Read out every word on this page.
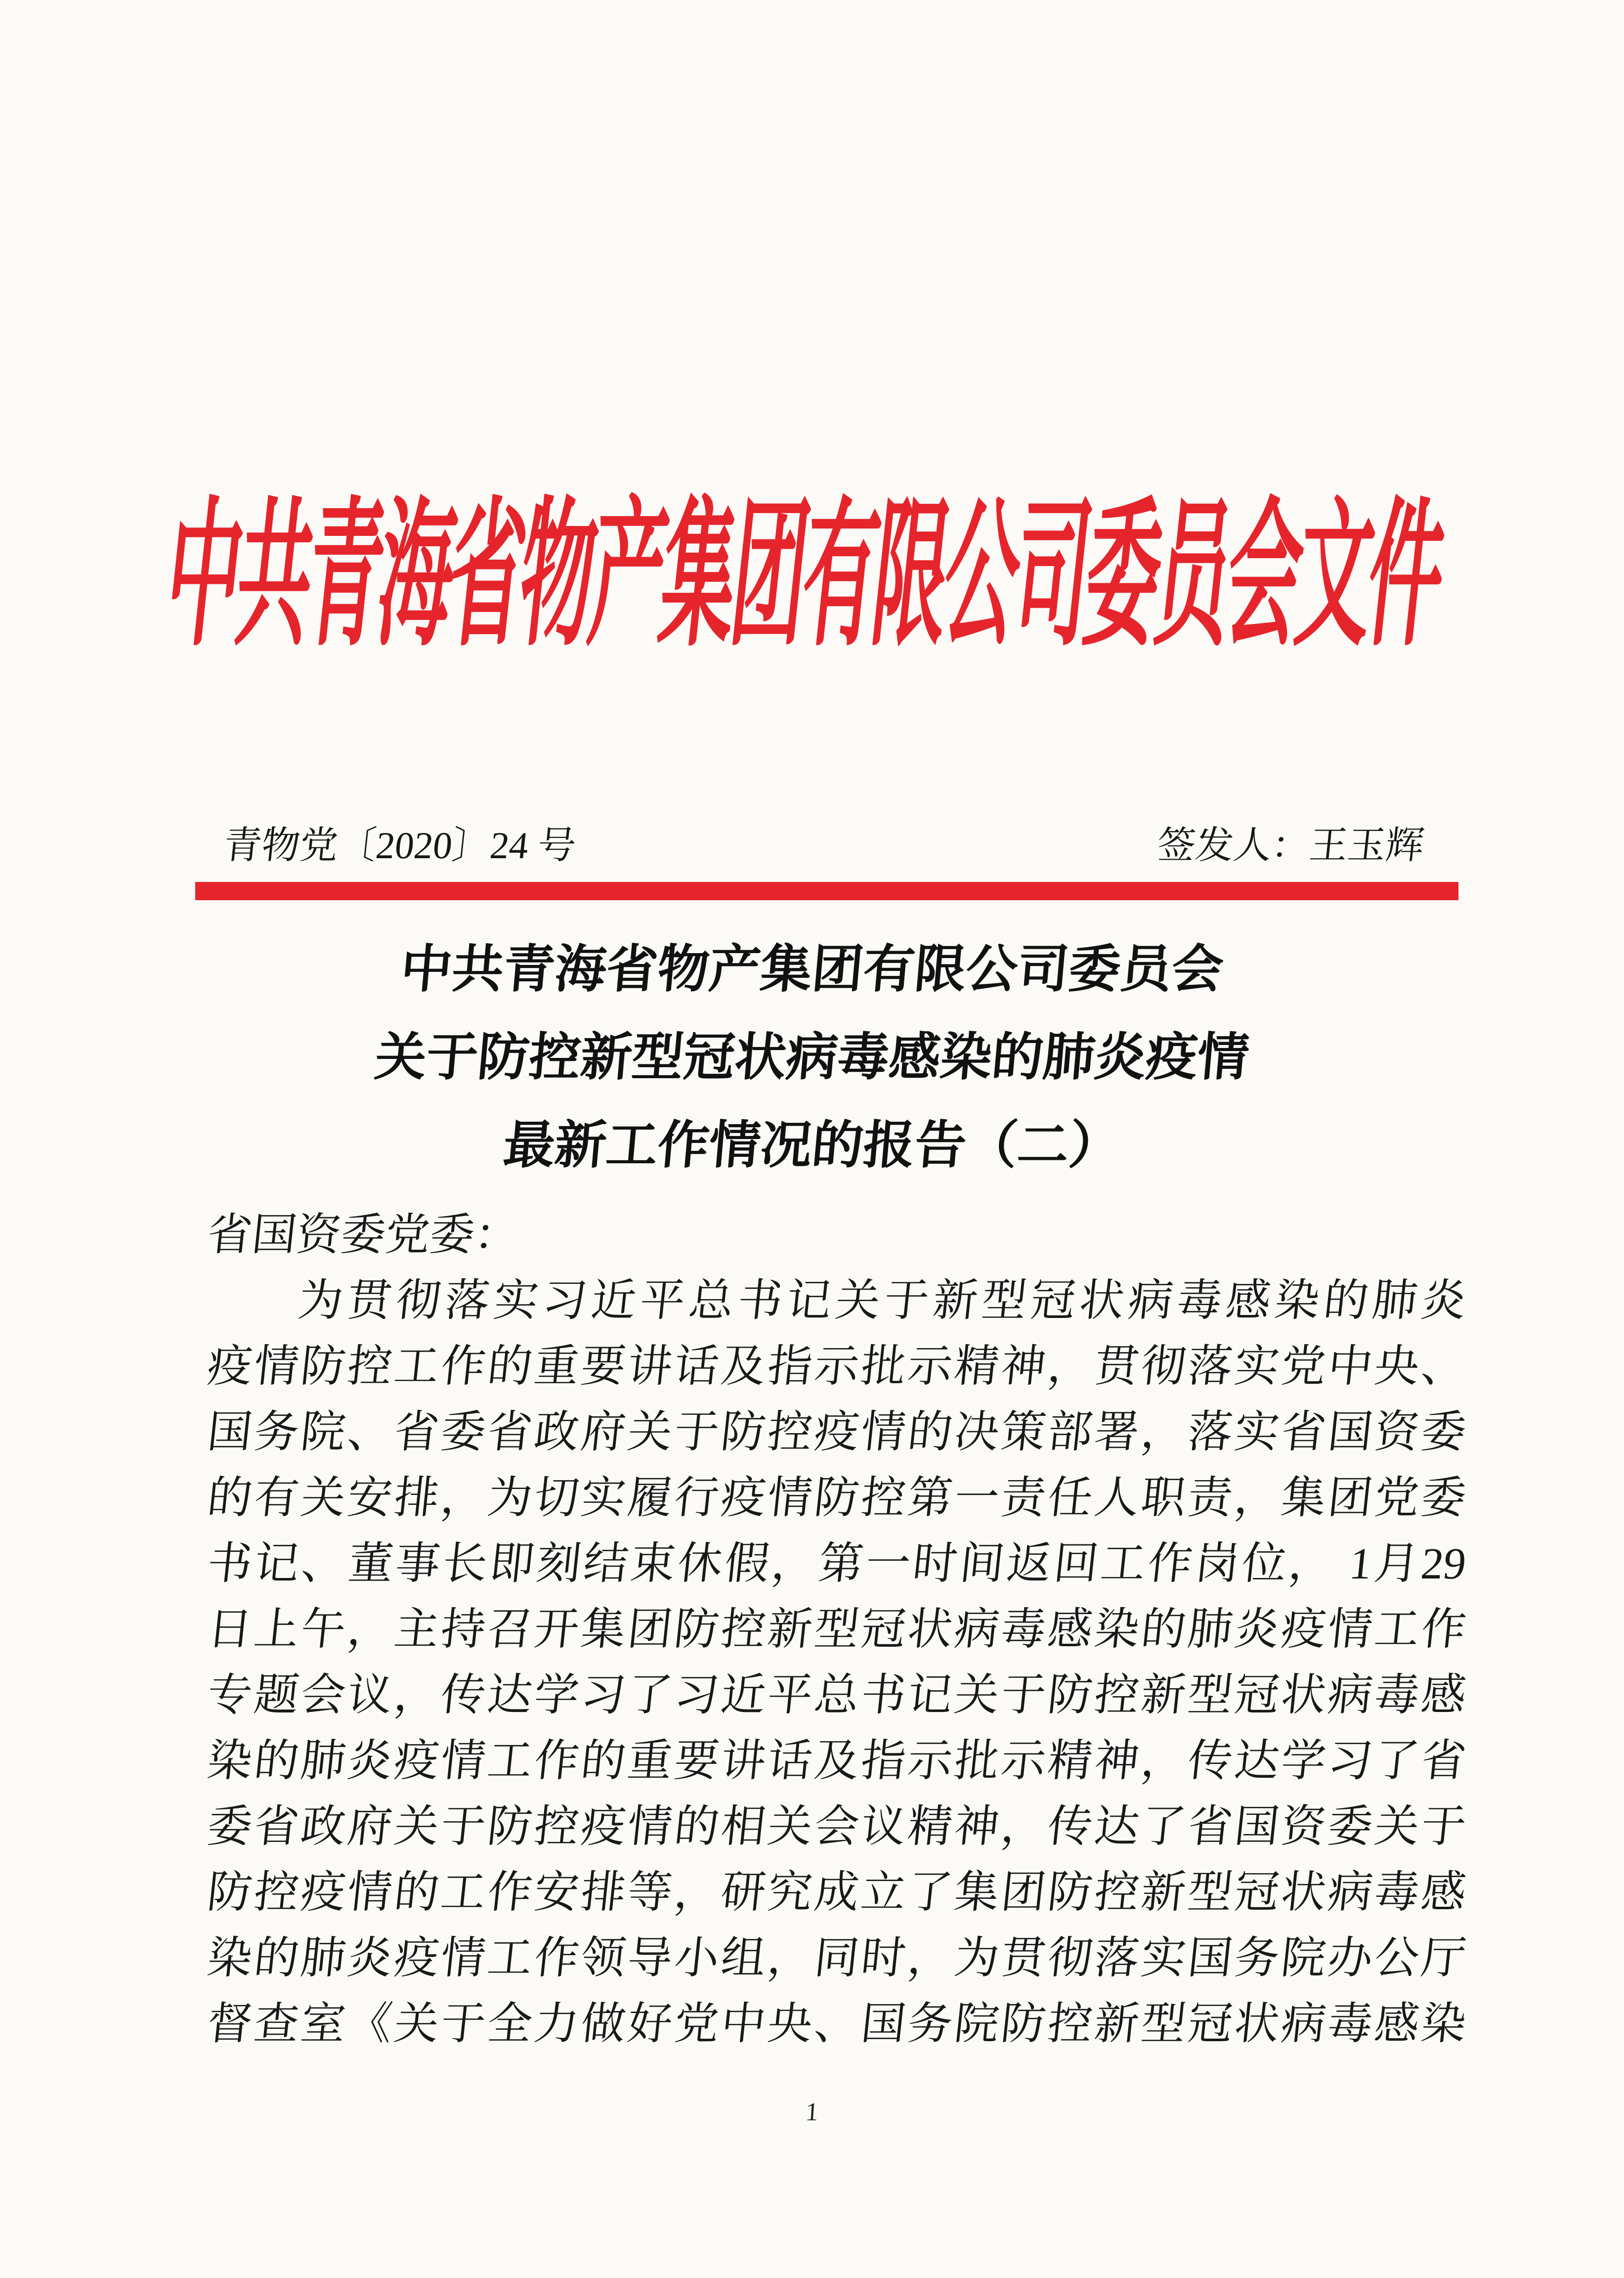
中共青海省物产集团有限公司委员会文件
青物党〔2020〕24 号	签发人：王玉辉
中共青海省物产集团有限公司委员会
关于防控新型冠状病毒感染的肺炎疫情
最新工作情况的报告（二）
省国资委党委：
为贯彻落实习近平总书记关于新型冠状病毒感染的肺炎
疫情防控工作的重要讲话及指示批示精神，贯彻落实党中央、
国务院、省委省政府关于防控疫情的决策部署，落实省国资委
的有关安排，为切实履行疫情防控第一责任人职责，集团党委
书记、董事长即刻结束休假，第一时间返回工作岗位， 1月29
日上午，主持召开集团防控新型冠状病毒感染的肺炎疫情工作
专题会议，传达学习了习近平总书记关于防控新型冠状病毒感
染的肺炎疫情工作的重要讲话及指示批示精神，传达学习了省
委省政府关于防控疫情的相关会议精神，传达了省国资委关于
防控疫情的工作安排等，研究成立了集团防控新型冠状病毒感
染的肺炎疫情工作领导小组，同时，为贯彻落实国务院办公厅
督查室《关于全力做好党中央、国务院防控新型冠状病毒感染
1
